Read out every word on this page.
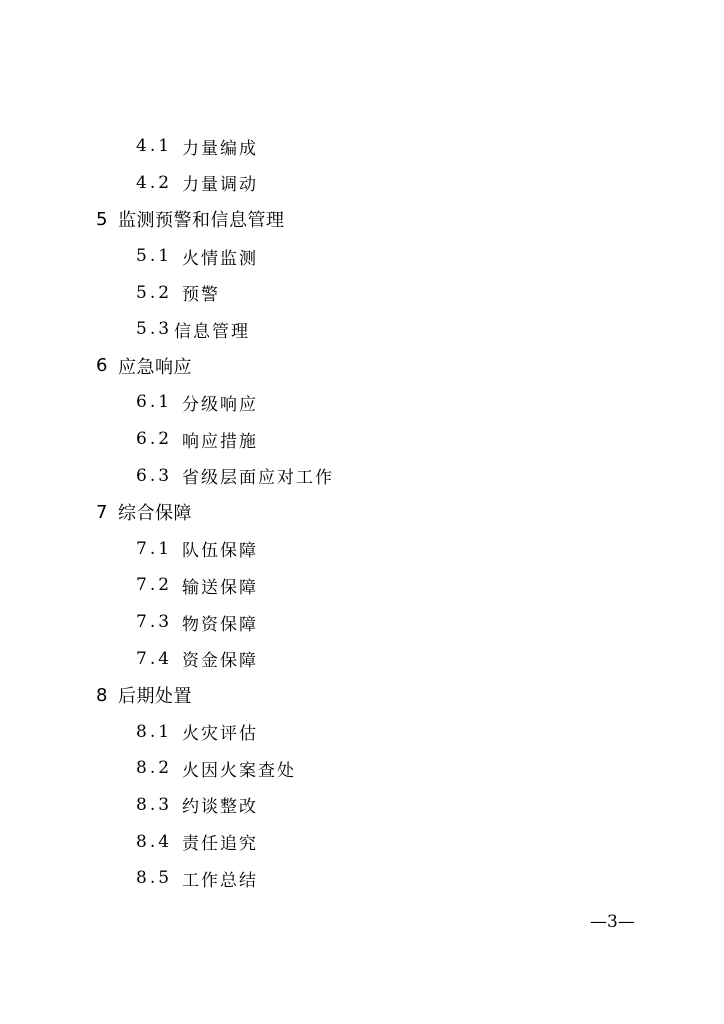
4.1 力量编成
4.2 力量调动
5 监测预警和信息管理
5.1 火情监测
5.2 预警
5.3 信息管理
6 应急响应
6.1 分级响应
6.2 响应措施
6.3 省级层面应对工作
7 综合保障
7.1 队伍保障
7.2 输送保障
7.3 物资保障
7.4 资金保障
8 后期处置
8.1 火灾评估
8.2 火因火案查处
8.3 约谈整改
8.4 责任追究
8.5 工作总结
—3—
